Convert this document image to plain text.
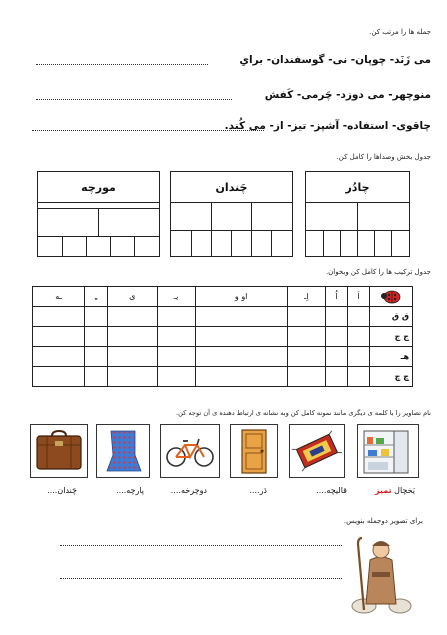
جمله ها را مرتب کن.
می زَنَد- چوپان- نی- گوسفندان- برایِ
منوچهر- می دوزد- چَرمی- کَفش
چاقوی- استفاده- آشپز- تیز- از- می کُند.
جدول بخش وصداها را کامل کن.
چادُر
چَندان
مورچه
جدول ترکیب ها را کامل کن وبخوان.
ـه	ـِ	ی	یـ	او و	اِـ	اُ	اَ	
								ق ق
								ج ج
								هـ
								چ چ
نام تصاویر را با کلمه ی دیگری مانند نمونه کامل کن وبه نشانه ی ارتباط دهنده ی آن توجه کن.
یَخچال تمیز
قالیچه....
دَر....
دوچرخه....
پارچه....
چَندان....
برای تصویر دوجمله بنویس.
